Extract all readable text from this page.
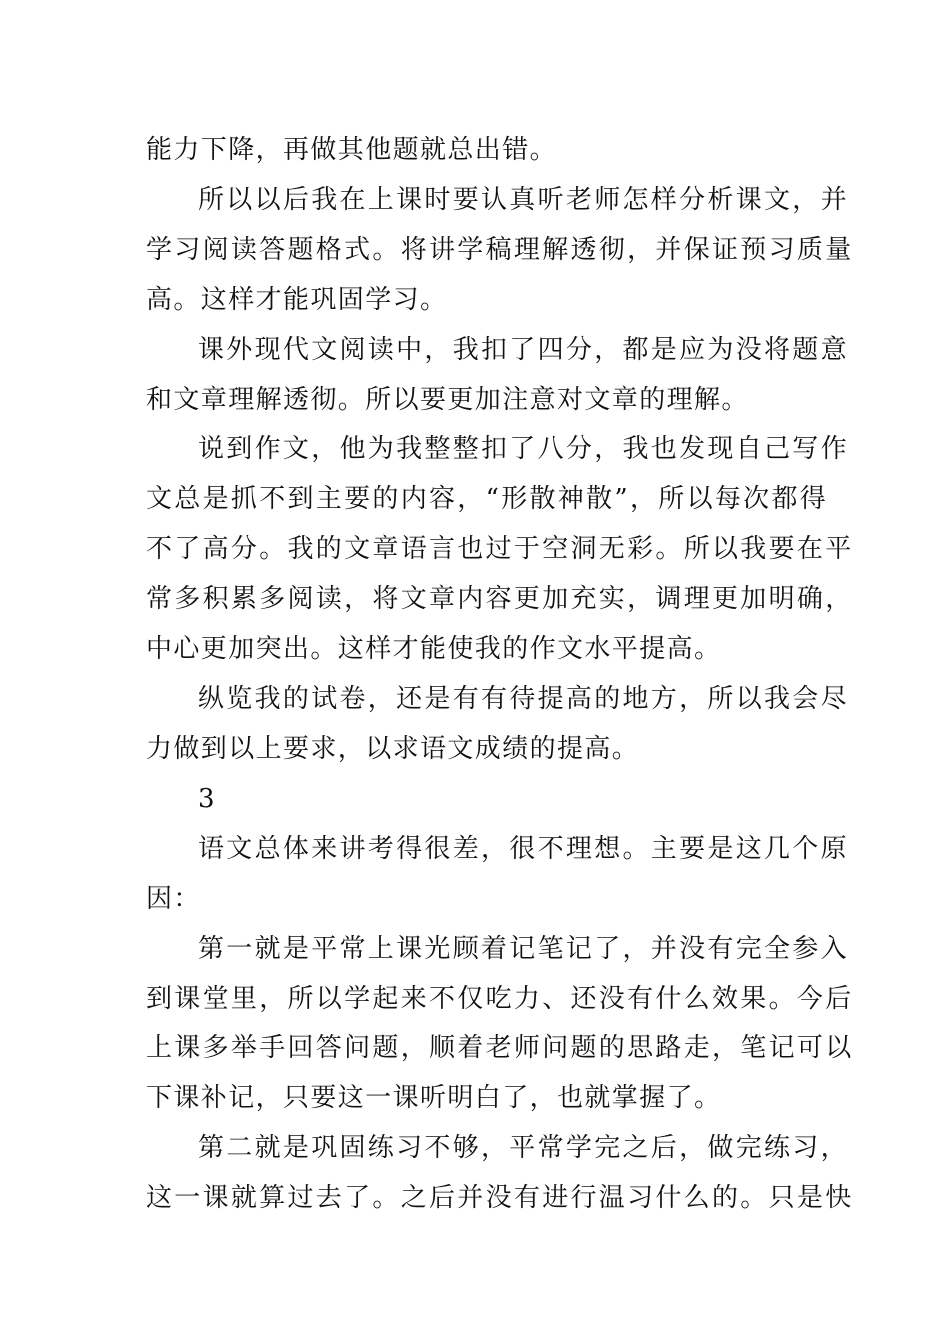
能力下降，再做其他题就总出错。
所以以后我在上课时要认真听老师怎样分析课文，并
学习阅读答题格式。将讲学稿理解透彻，并保证预习质量
高。这样才能巩固学习。
课外现代文阅读中，我扣了四分，都是应为没将题意
和文章理解透彻。所以要更加注意对文章的理解。
说到作文，他为我整整扣了八分，我也发现自己写作
文总是抓不到主要的内容，“形散神散”，所以每次都得
不了高分。我的文章语言也过于空洞无彩。所以我要在平
常多积累多阅读，将文章内容更加充实，调理更加明确，
中心更加突出。这样才能使我的作文水平提高。
纵览我的试卷，还是有有待提高的地方，所以我会尽
力做到以上要求，以求语文成绩的提高。
3
语文总体来讲考得很差，很不理想。主要是这几个原
因：
第一就是平常上课光顾着记笔记了，并没有完全参入
到课堂里，所以学起来不仅吃力、还没有什么效果。今后
上课多举手回答问题，顺着老师问题的思路走，笔记可以
下课补记，只要这一课听明白了，也就掌握了。
第二就是巩固练习不够，平常学完之后，做完练习，
这一课就算过去了。之后并没有进行温习什么的。只是快
